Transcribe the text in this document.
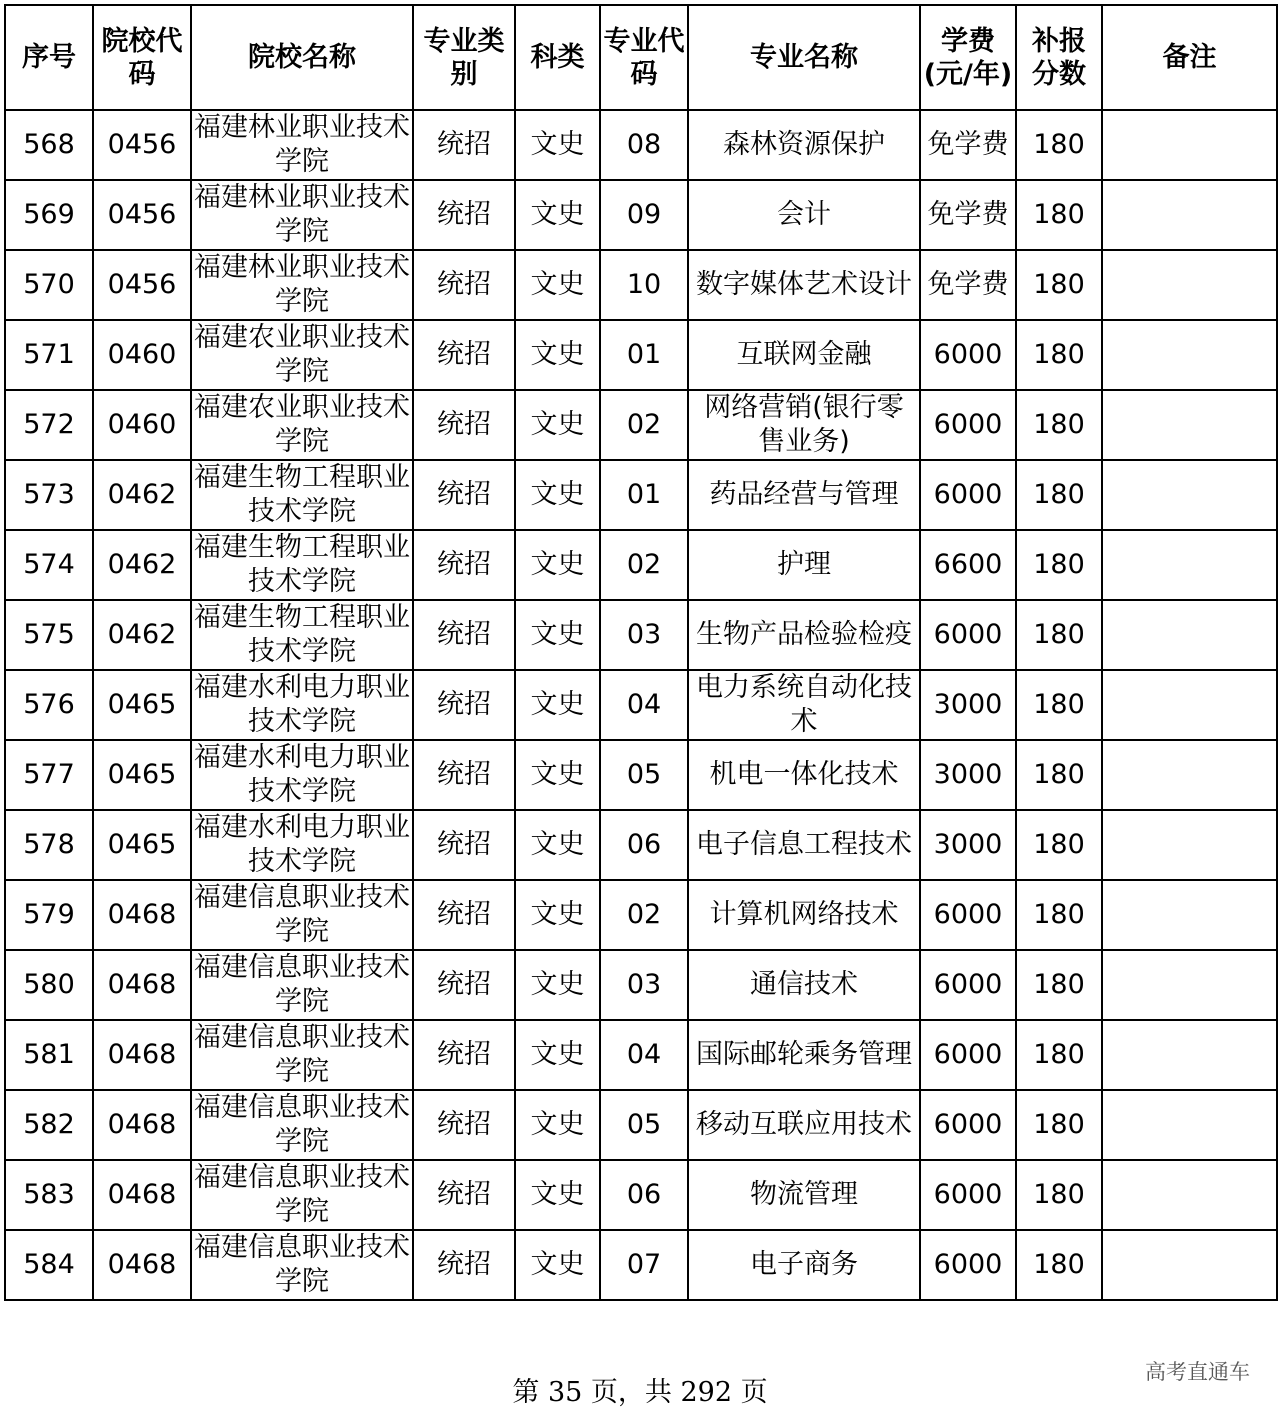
序号	院校代码	院校名称	专业类别	科类	专业代码	专业名称	学费(元/年)	补报分数	备注
568	0456	福建林业职业技术学院	统招	文史	08	森林资源保护	免学费	180	
569	0456	福建林业职业技术学院	统招	文史	09	会计	免学费	180	
570	0456	福建林业职业技术学院	统招	文史	10	数字媒体艺术设计	免学费	180	
571	0460	福建农业职业技术学院	统招	文史	01	互联网金融	6000	180	
572	0460	福建农业职业技术学院	统招	文史	02	网络营销(银行零售业务)	6000	180	
573	0462	福建生物工程职业技术学院	统招	文史	01	药品经营与管理	6000	180	
574	0462	福建生物工程职业技术学院	统招	文史	02	护理	6600	180	
575	0462	福建生物工程职业技术学院	统招	文史	03	生物产品检验检疫	6000	180	
576	0465	福建水利电力职业技术学院	统招	文史	04	电力系统自动化技术	3000	180	
577	0465	福建水利电力职业技术学院	统招	文史	05	机电一体化技术	3000	180	
578	0465	福建水利电力职业技术学院	统招	文史	06	电子信息工程技术	3000	180	
579	0468	福建信息职业技术学院	统招	文史	02	计算机网络技术	6000	180	
580	0468	福建信息职业技术学院	统招	文史	03	通信技术	6000	180	
581	0468	福建信息职业技术学院	统招	文史	04	国际邮轮乘务管理	6000	180	
582	0468	福建信息职业技术学院	统招	文史	05	移动互联应用技术	6000	180	
583	0468	福建信息职业技术学院	统招	文史	06	物流管理	6000	180	
584	0468	福建信息职业技术学院	统招	文史	07	电子商务	6000	180	
第 35 页，共 292 页
高考直通车
